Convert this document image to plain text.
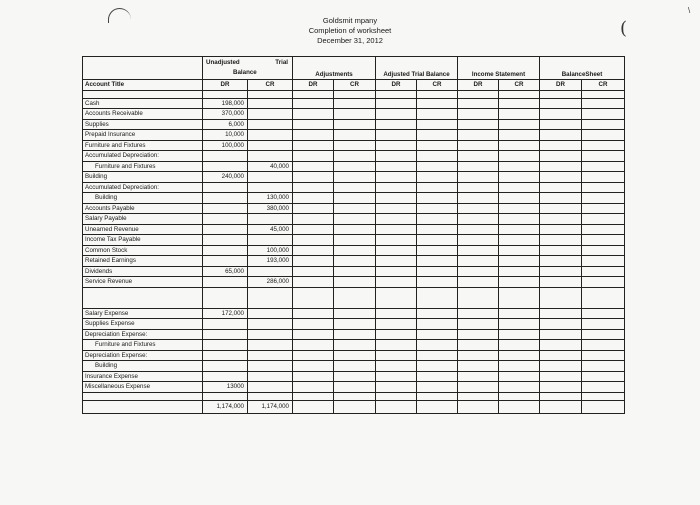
(
\
Goldsmit mpany
Completion of worksheet
December 31, 2012

	Unadjusted Trial
Balance		Adjustments		Adjusted Trial Balance		Income Statement		BalanceSheet	
Account Title	DR	CR	DR	CR	DR	CR	DR	CR	DR	CR

Cash	198,000									
Accounts Receivable	370,000									
Supplies	6,000									
Prepaid Insurance	10,000									
Furniture and Fixtures	100,000									
Accumulated Depreciation:										
Furniture and Fixtures		40,000								
Building	240,000									
Accumulated Depreciation:										
Building		130,000								
Accounts Payable		380,000								
Salary Payable										
Unearned Revenue		45,000								
Income Tax Payable										
Common Stock		100,000								
Retained Earnings		193,000								
Dividends	65,000									
Service Revenue		286,000								

Salary Expense	172,000									
Supplies Expense										
Depreciation Expense:										
Furniture and Fixtures										
Depreciation Expense:										
Building										
Insurance Expense										
Miscellaneous Expense	13000									

	1,174,000	1,174,000								
